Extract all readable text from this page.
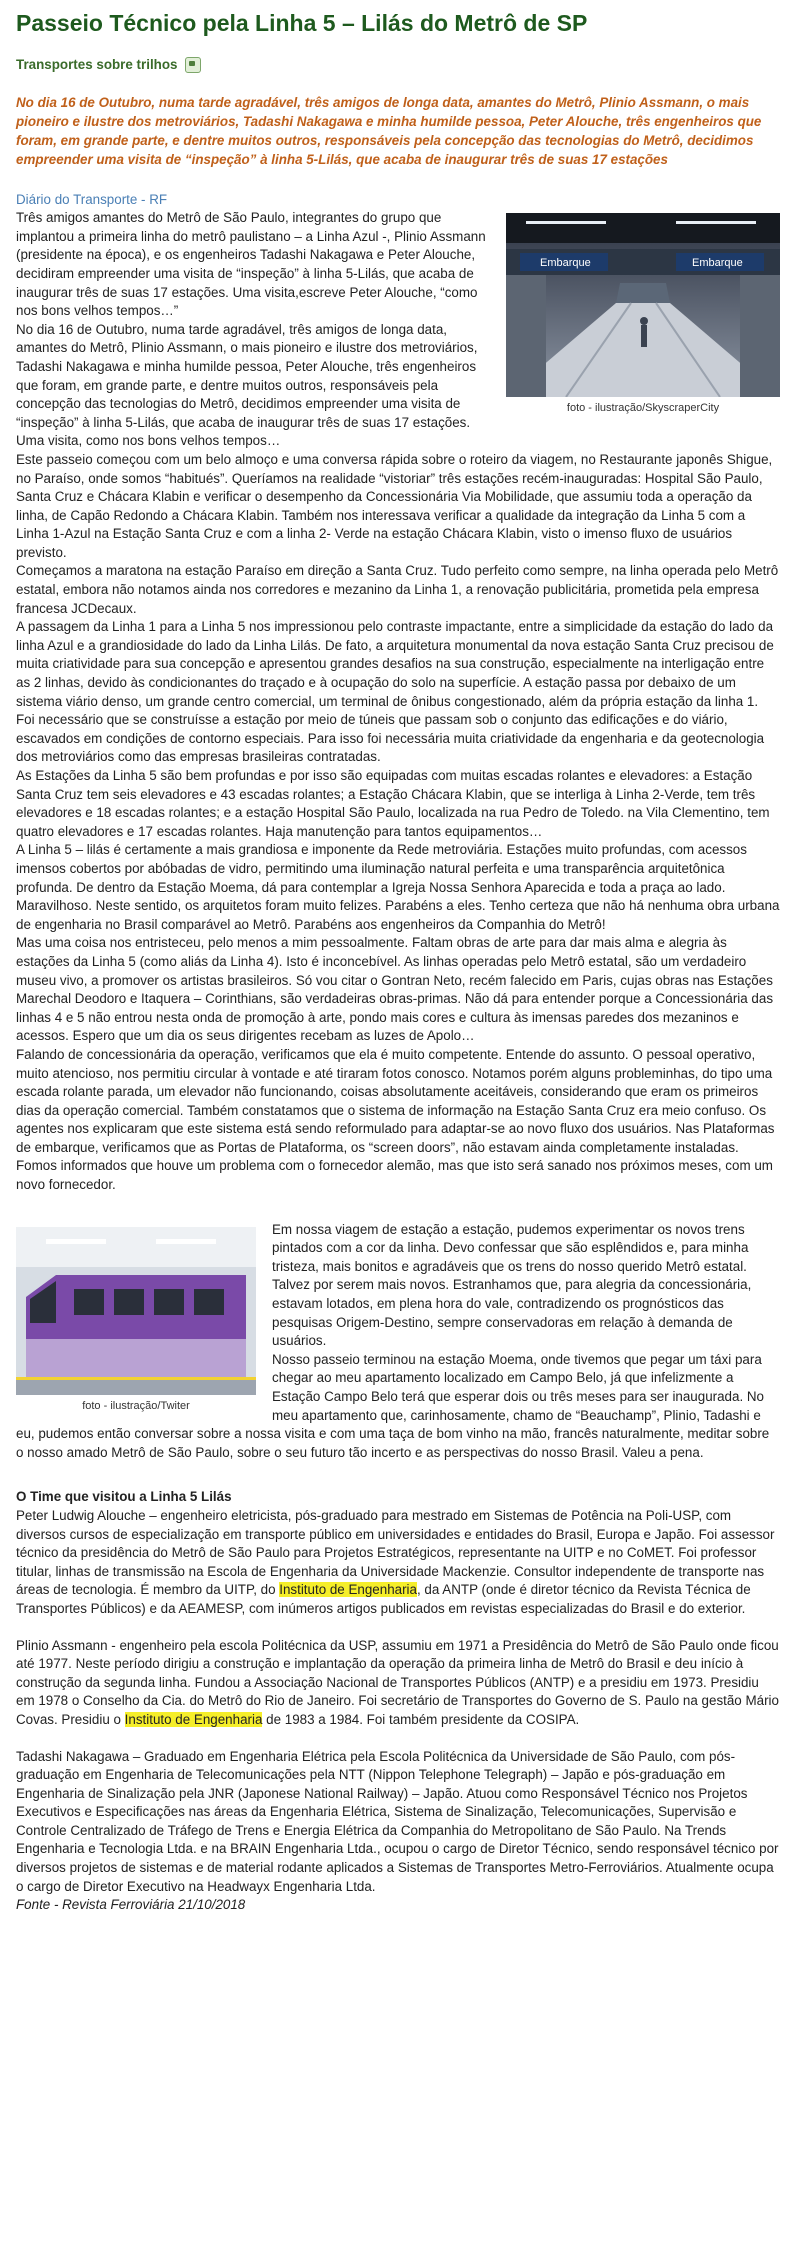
Passeio Técnico pela Linha 5 – Lilás do Metrô de SP
Transportes sobre trilhos

No dia 16 de Outubro, numa tarde agradável, três amigos de longa data, amantes do Metrô, Plinio Assmann, o mais pioneiro e ilustre dos metroviários, Tadashi Nakagawa e minha humilde pessoa, Peter Alouche, três engenheiros que foram, em grande parte, e dentre muitos outros, responsáveis pela concepção das tecnologias do Metrô, decidimos empreender uma visita de “inspeção” à linha 5-Lilás, que acaba de inaugurar três de suas 17 estações

Diário do Transporte - RF

Embarque	Embarque
foto - ilustração/SkyscraperCity

Três amigos amantes do Metrô de São Paulo, integrantes do grupo que implantou a primeira linha do metrô paulistano – a Linha Azul -, Plinio Assmann (presidente na época), e os engenheiros Tadashi Nakagawa e Peter Alouche, decidiram empreender uma visita de “inspeção” à linha 5-Lilás, que acaba de inaugurar três de suas 17 estações. Uma visita,escreve Peter Alouche, “como nos bons velhos tempos…”

No dia 16 de Outubro, numa tarde agradável, três amigos de longa data, amantes do Metrô, Plinio Assmann, o mais pioneiro e ilustre dos metroviários, Tadashi Nakagawa e minha humilde pessoa, Peter Alouche, três engenheiros que foram, em grande parte, e dentre muitos outros, responsáveis pela concepção das tecnologias do Metrô, decidimos empreender uma visita de “inspeção” à linha 5-Lilás, que acaba de inaugurar três de suas 17 estações. Uma visita, como nos bons velhos tempos…

Este passeio começou com um belo almoço e uma conversa rápida sobre o roteiro da viagem, no Restaurante japonês Shigue, no Paraíso, onde somos “habitués”. Queríamos na realidade “vistoriar” três estações recém-inauguradas: Hospital São Paulo, Santa Cruz e Chácara Klabin e verificar o desempenho da Concessionária Via Mobilidade, que assumiu toda a operação da linha, de Capão Redondo a Chácara Klabin. Também nos interessava verificar a qualidade da integração da Linha 5 com a Linha 1-Azul na Estação Santa Cruz e com a linha 2- Verde na estação Chácara Klabin, visto o imenso fluxo de usuários previsto.

Começamos a maratona na estação Paraíso em direção a Santa Cruz. Tudo perfeito como sempre, na linha operada pelo Metrô estatal, embora não notamos ainda nos corredores e mezanino da Linha 1, a renovação publicitária, prometida pela empresa francesa JCDecaux.

A passagem da Linha 1 para a Linha 5 nos impressionou pelo contraste impactante, entre a simplicidade da estação do lado da linha Azul e a grandiosidade do lado da Linha Lilás. De fato, a arquitetura monumental da nova estação Santa Cruz precisou de muita criatividade para sua concepção e apresentou grandes desafios na sua construção, especialmente na interligação entre as 2 linhas, devido às condicionantes do traçado e à ocupação do solo na superfície. A estação passa por debaixo de um sistema viário denso, um grande centro comercial, um terminal de ônibus congestionado, além da própria estação da linha 1. Foi necessário que se construísse a estação por meio de túneis que passam sob o conjunto das edificações e do viário, escavados em condições de contorno especiais. Para isso foi necessária muita criatividade da engenharia e da geotecnologia dos metroviários como das empresas brasileiras contratadas.

As Estações da Linha 5 são bem profundas e por isso são equipadas com muitas escadas rolantes e elevadores: a Estação Santa Cruz tem seis elevadores e 43 escadas rolantes; a Estação Chácara Klabin, que se interliga à Linha 2-Verde, tem três elevadores e 18 escadas rolantes; e a estação Hospital São Paulo, localizada na rua Pedro de Toledo. na Vila Clementino, tem quatro elevadores e 17 escadas rolantes. Haja manutenção para tantos equipamentos…

A Linha 5 – lilás é certamente a mais grandiosa e imponente da Rede metroviária. Estações muito profundas, com acessos imensos cobertos por abóbadas de vidro, permitindo uma iluminação natural perfeita e uma transparência arquitetônica profunda. De dentro da Estação Moema, dá para contemplar a Igreja Nossa Senhora Aparecida e toda a praça ao lado. Maravilhoso. Neste sentido, os arquitetos foram muito felizes. Parabéns a eles. Tenho certeza que não há nenhuma obra urbana de engenharia no Brasil comparável ao Metrô. Parabéns aos engenheiros da Companhia do Metrô!

Mas uma coisa nos entristeceu, pelo menos a mim pessoalmente. Faltam obras de arte para dar mais alma e alegria às estações da Linha 5 (como aliás da Linha 4). Isto é inconcebível. As linhas operadas pelo Metrô estatal, são um verdadeiro museu vivo, a promover os artistas brasileiros. Só vou citar o Gontran Neto, recém falecido em Paris, cujas obras nas Estações Marechal Deodoro e Itaquera – Corinthians, são verdadeiras obras-primas. Não dá para entender porque a Concessionária das linhas 4 e 5 não entrou nesta onda de promoção à arte, pondo mais cores e cultura às imensas paredes dos mezaninos e acessos. Espero que um dia os seus dirigentes recebam as luzes de Apolo…

Falando de concessionária da operação, verificamos que ela é muito competente. Entende do assunto. O pessoal operativo, muito atencioso, nos permitiu circular à vontade e até tiraram fotos conosco. Notamos porém alguns probleminhas, do tipo uma escada rolante parada, um elevador não funcionando, coisas absolutamente aceitáveis, considerando que eram os primeiros dias da operação comercial. Também constatamos que o sistema de informação na Estação Santa Cruz era meio confuso. Os agentes nos explicaram que este sistema está sendo reformulado para adaptar-se ao novo fluxo dos usuários. Nas Plataformas de embarque, verificamos que as Portas de Plataforma, os “screen doors”, não estavam ainda completamente instaladas. Fomos informados que houve um problema com o fornecedor alemão, mas que isto será sanado nos próximos meses, com um novo fornecedor.

foto - ilustração/Twiter

Em nossa viagem de estação a estação, pudemos experimentar os novos trens pintados com a cor da linha. Devo confessar que são esplêndidos e, para minha tristeza, mais bonitos e agradáveis que os trens do nosso querido Metrô estatal. Talvez por serem mais novos. Estranhamos que, para alegria da concessionária, estavam lotados, em plena hora do vale, contradizendo os prognósticos das pesquisas Origem-Destino, sempre conservadoras em relação à demanda de usuários.

Nosso passeio terminou na estação Moema, onde tivemos que pegar um táxi para chegar ao meu apartamento localizado em Campo Belo, já que infelizmente a Estação Campo Belo terá que esperar dois ou três meses para ser inaugurada. No meu apartamento que, carinhosamente, chamo de “Beauchamp”, Plinio, Tadashi e eu, pudemos então conversar sobre a nossa visita e com uma taça de bom vinho na mão, francês naturalmente, meditar sobre o nosso amado Metrô de São Paulo, sobre o seu futuro tão incerto e as perspectivas do nosso Brasil. Valeu a pena.

O Time que visitou a Linha 5 Lilás

Peter Ludwig Alouche – engenheiro eletricista, pós-graduado para mestrado em Sistemas de Potência na Poli-USP, com diversos cursos de especialização em transporte público em universidades e entidades do Brasil, Europa e Japão. Foi assessor técnico da presidência do Metrô de São Paulo para Projetos Estratégicos, representante na UITP e no CoMET. Foi professor titular, linhas de transmissão na Escola de Engenharia da Universidade Mackenzie. Consultor independente de transporte nas áreas de tecnologia. É membro da UITP, do Instituto de Engenharia, da ANTP (onde é diretor técnico da Revista Técnica de Transportes Públicos) e da AEAMESP, com inúmeros artigos publicados em revistas especializadas do Brasil e do exterior.

Plinio Assmann - engenheiro pela escola Politécnica da USP, assumiu em 1971 a Presidência do Metrô de São Paulo onde ficou até 1977. Neste período dirigiu a construção e implantação da operação da primeira linha de Metrô do Brasil e deu início à construção da segunda linha. Fundou a Associação Nacional de Transportes Públicos (ANTP) e a presidiu em 1973. Presidiu em 1978 o Conselho da Cia. do Metrô do Rio de Janeiro. Foi secretário de Transportes do Governo de S. Paulo na gestão Mário Covas. Presidiu o Instituto de Engenharia de 1983 a 1984. Foi também presidente da COSIPA.

Tadashi Nakagawa – Graduado em Engenharia Elétrica pela Escola Politécnica da Universidade de São Paulo, com pós-graduação em Engenharia de Telecomunicações pela NTT (Nippon Telephone Telegraph) – Japão e pós-graduação em Engenharia de Sinalização pela JNR (Japonese National Railway) – Japão. Atuou como Responsável Técnico nos Projetos Executivos e Especificações nas áreas da Engenharia Elétrica, Sistema de Sinalização, Telecomunicações, Supervisão e Controle Centralizado de Tráfego de Trens e Energia Elétrica da Companhia do Metropolitano de São Paulo. Na Trends Engenharia e Tecnologia Ltda. e na BRAIN Engenharia Ltda., ocupou o cargo de Diretor Técnico, sendo responsável técnico por diversos projetos de sistemas e de material rodante aplicados a Sistemas de Transportes Metro-Ferroviários. Atualmente ocupa o cargo de Diretor Executivo na Headwayx Engenharia Ltda.

Fonte - Revista Ferroviária 21/10/2018
